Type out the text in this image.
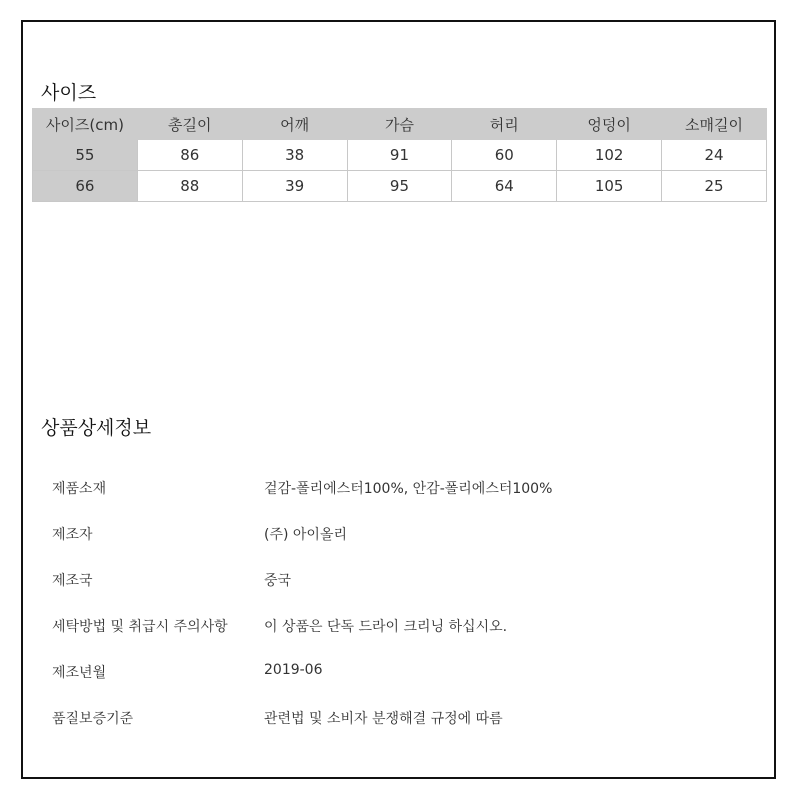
사이즈
사이즈(cm)	총길이	어깨	가슴	허리	엉덩이	소매길이
55	86	38	91	60	102	24
66	88	39	95	64	105	25
상품상세정보
제품소재	겉감-폴리에스터100%, 안감-폴리에스터100%
제조자	(주) 아이올리
제조국	중국
세탁방법 및 취급시 주의사항	이 상품은 단독 드라이 크리닝 하십시오.
제조년월	2019-06
품질보증기준	관련법 및 소비자 분쟁해결 규정에 따름
